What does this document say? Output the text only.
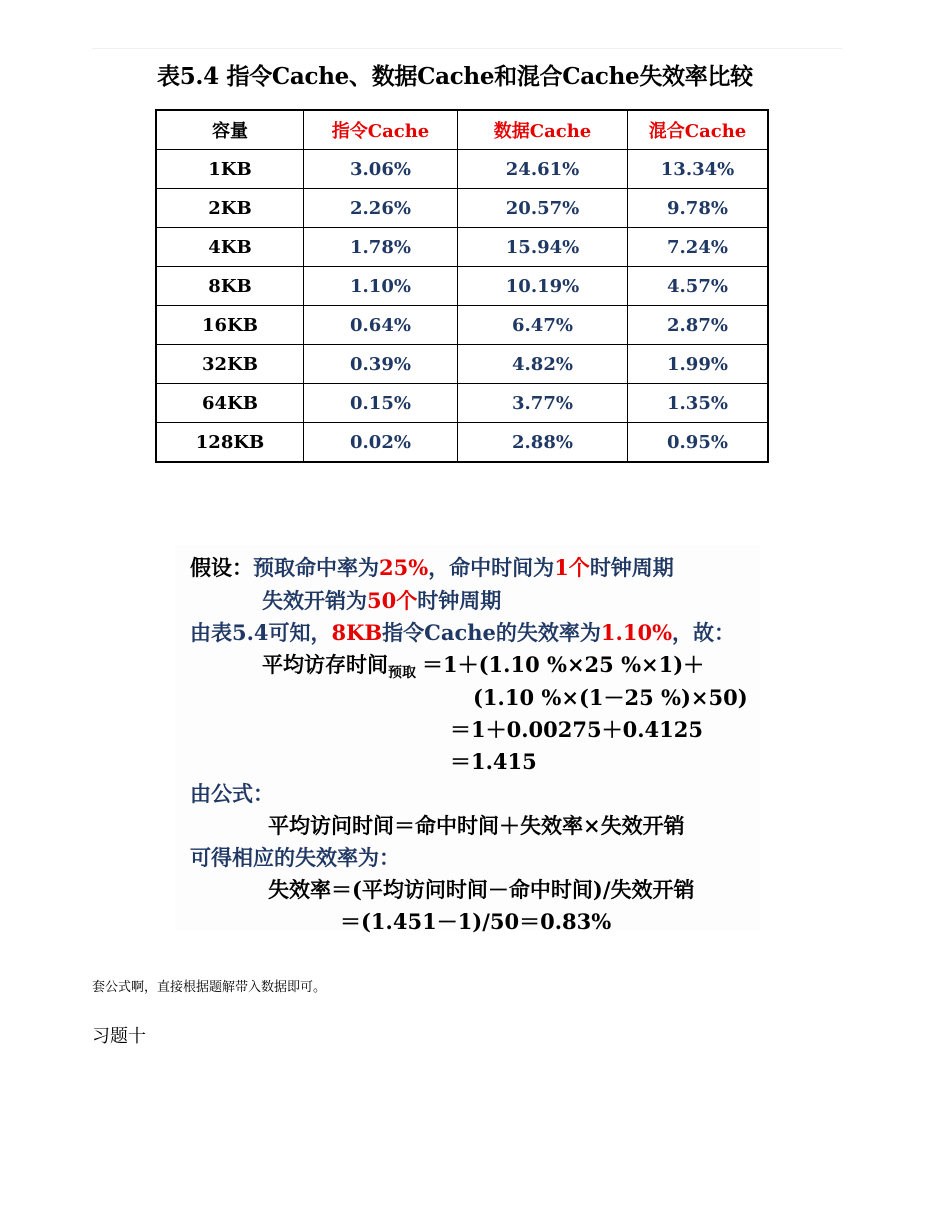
表5.4 指令Cache、数据Cache和混合Cache失效率比较
容量	指令Cache	数据Cache	混合Cache
1KB	3.06%	24.61%	13.34%
2KB	2.26%	20.57%	9.78%
4KB	1.78%	15.94%	7.24%
8KB	1.10%	10.19%	4.57%
16KB	0.64%	6.47%	2.87%
32KB	0.39%	4.82%	1.99%
64KB	0.15%	3.77%	1.35%
128KB	0.02%	2.88%	0.95%
假设：预取命中率为25%，命中时间为1个时钟周期
失效开销为50个时钟周期
由表5.4可知，8KB指令Cache的失效率为1.10%，故：
平均访存时间$_{预取}$ ＝1＋(1.10 %×25 %×1)＋
(1.10 %×(1－25 %)×50)
＝1＋0.00275＋0.4125
＝1.415
由公式：
平均访问时间＝命中时间＋失效率×失效开销
可得相应的失效率为：
失效率＝(平均访问时间－命中时间)/失效开销
＝(1.451－1)/50＝0.83%
套公式啊，直接根据题解带入数据即可。
习题十
